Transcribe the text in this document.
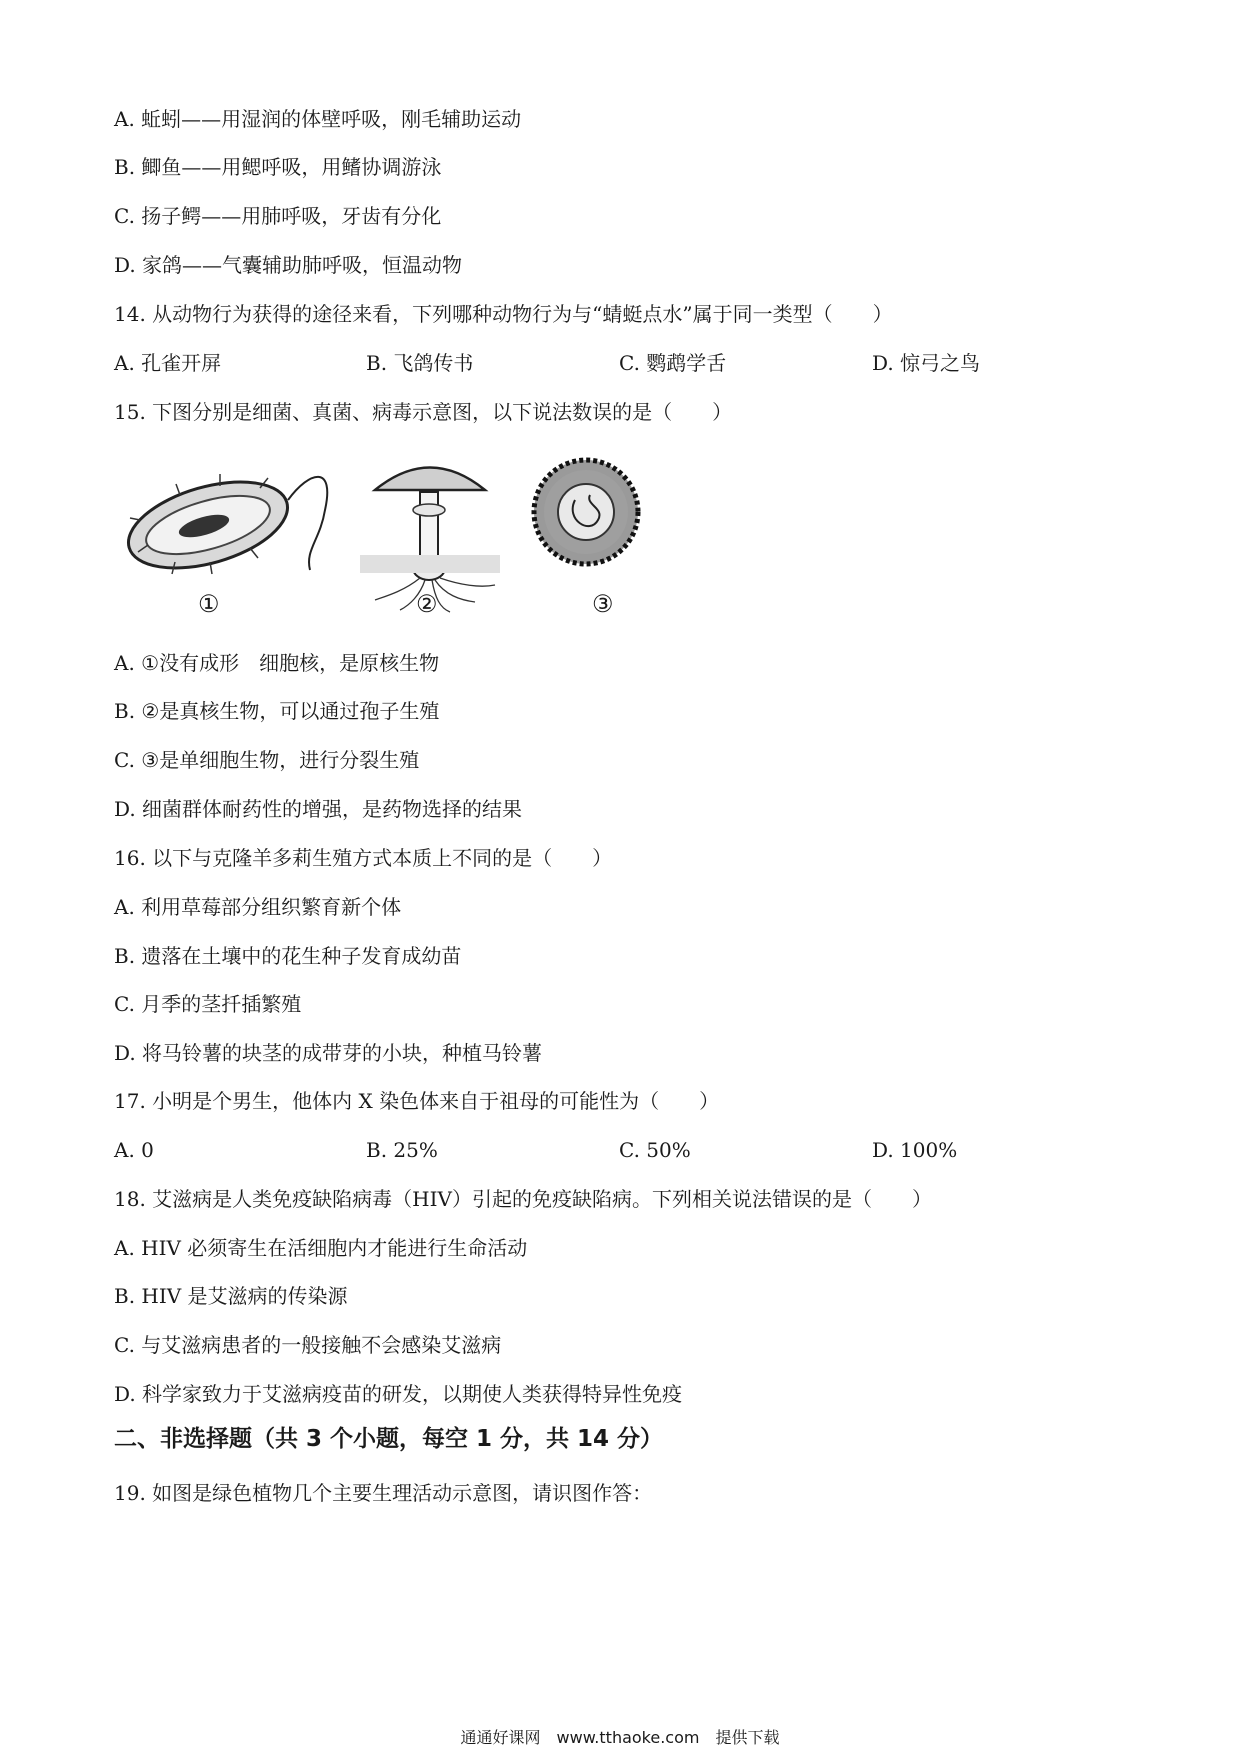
A. 蚯蚓——用湿润的体壁呼吸，刚毛辅助运动
B. 鲫鱼——用鳃呼吸，用鳍协调游泳
C. 扬子鳄——用肺呼吸，牙齿有分化
D. 家鸽——气囊辅助肺呼吸，恒温动物
14. 从动物行为获得的途径来看，下列哪种动物行为与“蜻蜓点水”属于同一类型（　　）
A. 孔雀开屏	B. 飞鸽传书	C. 鹦鹉学舌	D. 惊弓之鸟
15. 下图分别是细菌、真菌、病毒示意图，以下说法数误的是（　　）
①	②	③
A. ①没有成形　细胞核，是原核生物
B. ②是真核生物，可以通过孢子生殖
C. ③是单细胞生物，进行分裂生殖
D. 细菌群体耐药性的增强，是药物选择的结果
16. 以下与克隆羊多莉生殖方式本质上不同的是（　　）
A. 利用草莓部分组织繁育新个体
B. 遗落在土壤中的花生种子发育成幼苗
C. 月季的茎扦插繁殖
D. 将马铃薯的块茎的成带芽的小块，种植马铃薯
17. 小明是个男生，他体内 X 染色体来自于祖母的可能性为（　　）
A. 0	B. 25%	C. 50%	D. 100%
18. 艾滋病是人类免疫缺陷病毒（HIV）引起的免疫缺陷病。下列相关说法错误的是（　　）
A. HIV 必须寄生在活细胞内才能进行生命活动
B. HIV 是艾滋病的传染源
C. 与艾滋病患者的一般接触不会感染艾滋病
D. 科学家致力于艾滋病疫苗的研发，以期使人类获得特异性免疫
二、非选择题（共 3 个小题，每空 1 分，共 14 分）
19. 如图是绿色植物几个主要生理活动示意图，请识图作答：
通通好课网　www.tthaoke.com　提供下载
